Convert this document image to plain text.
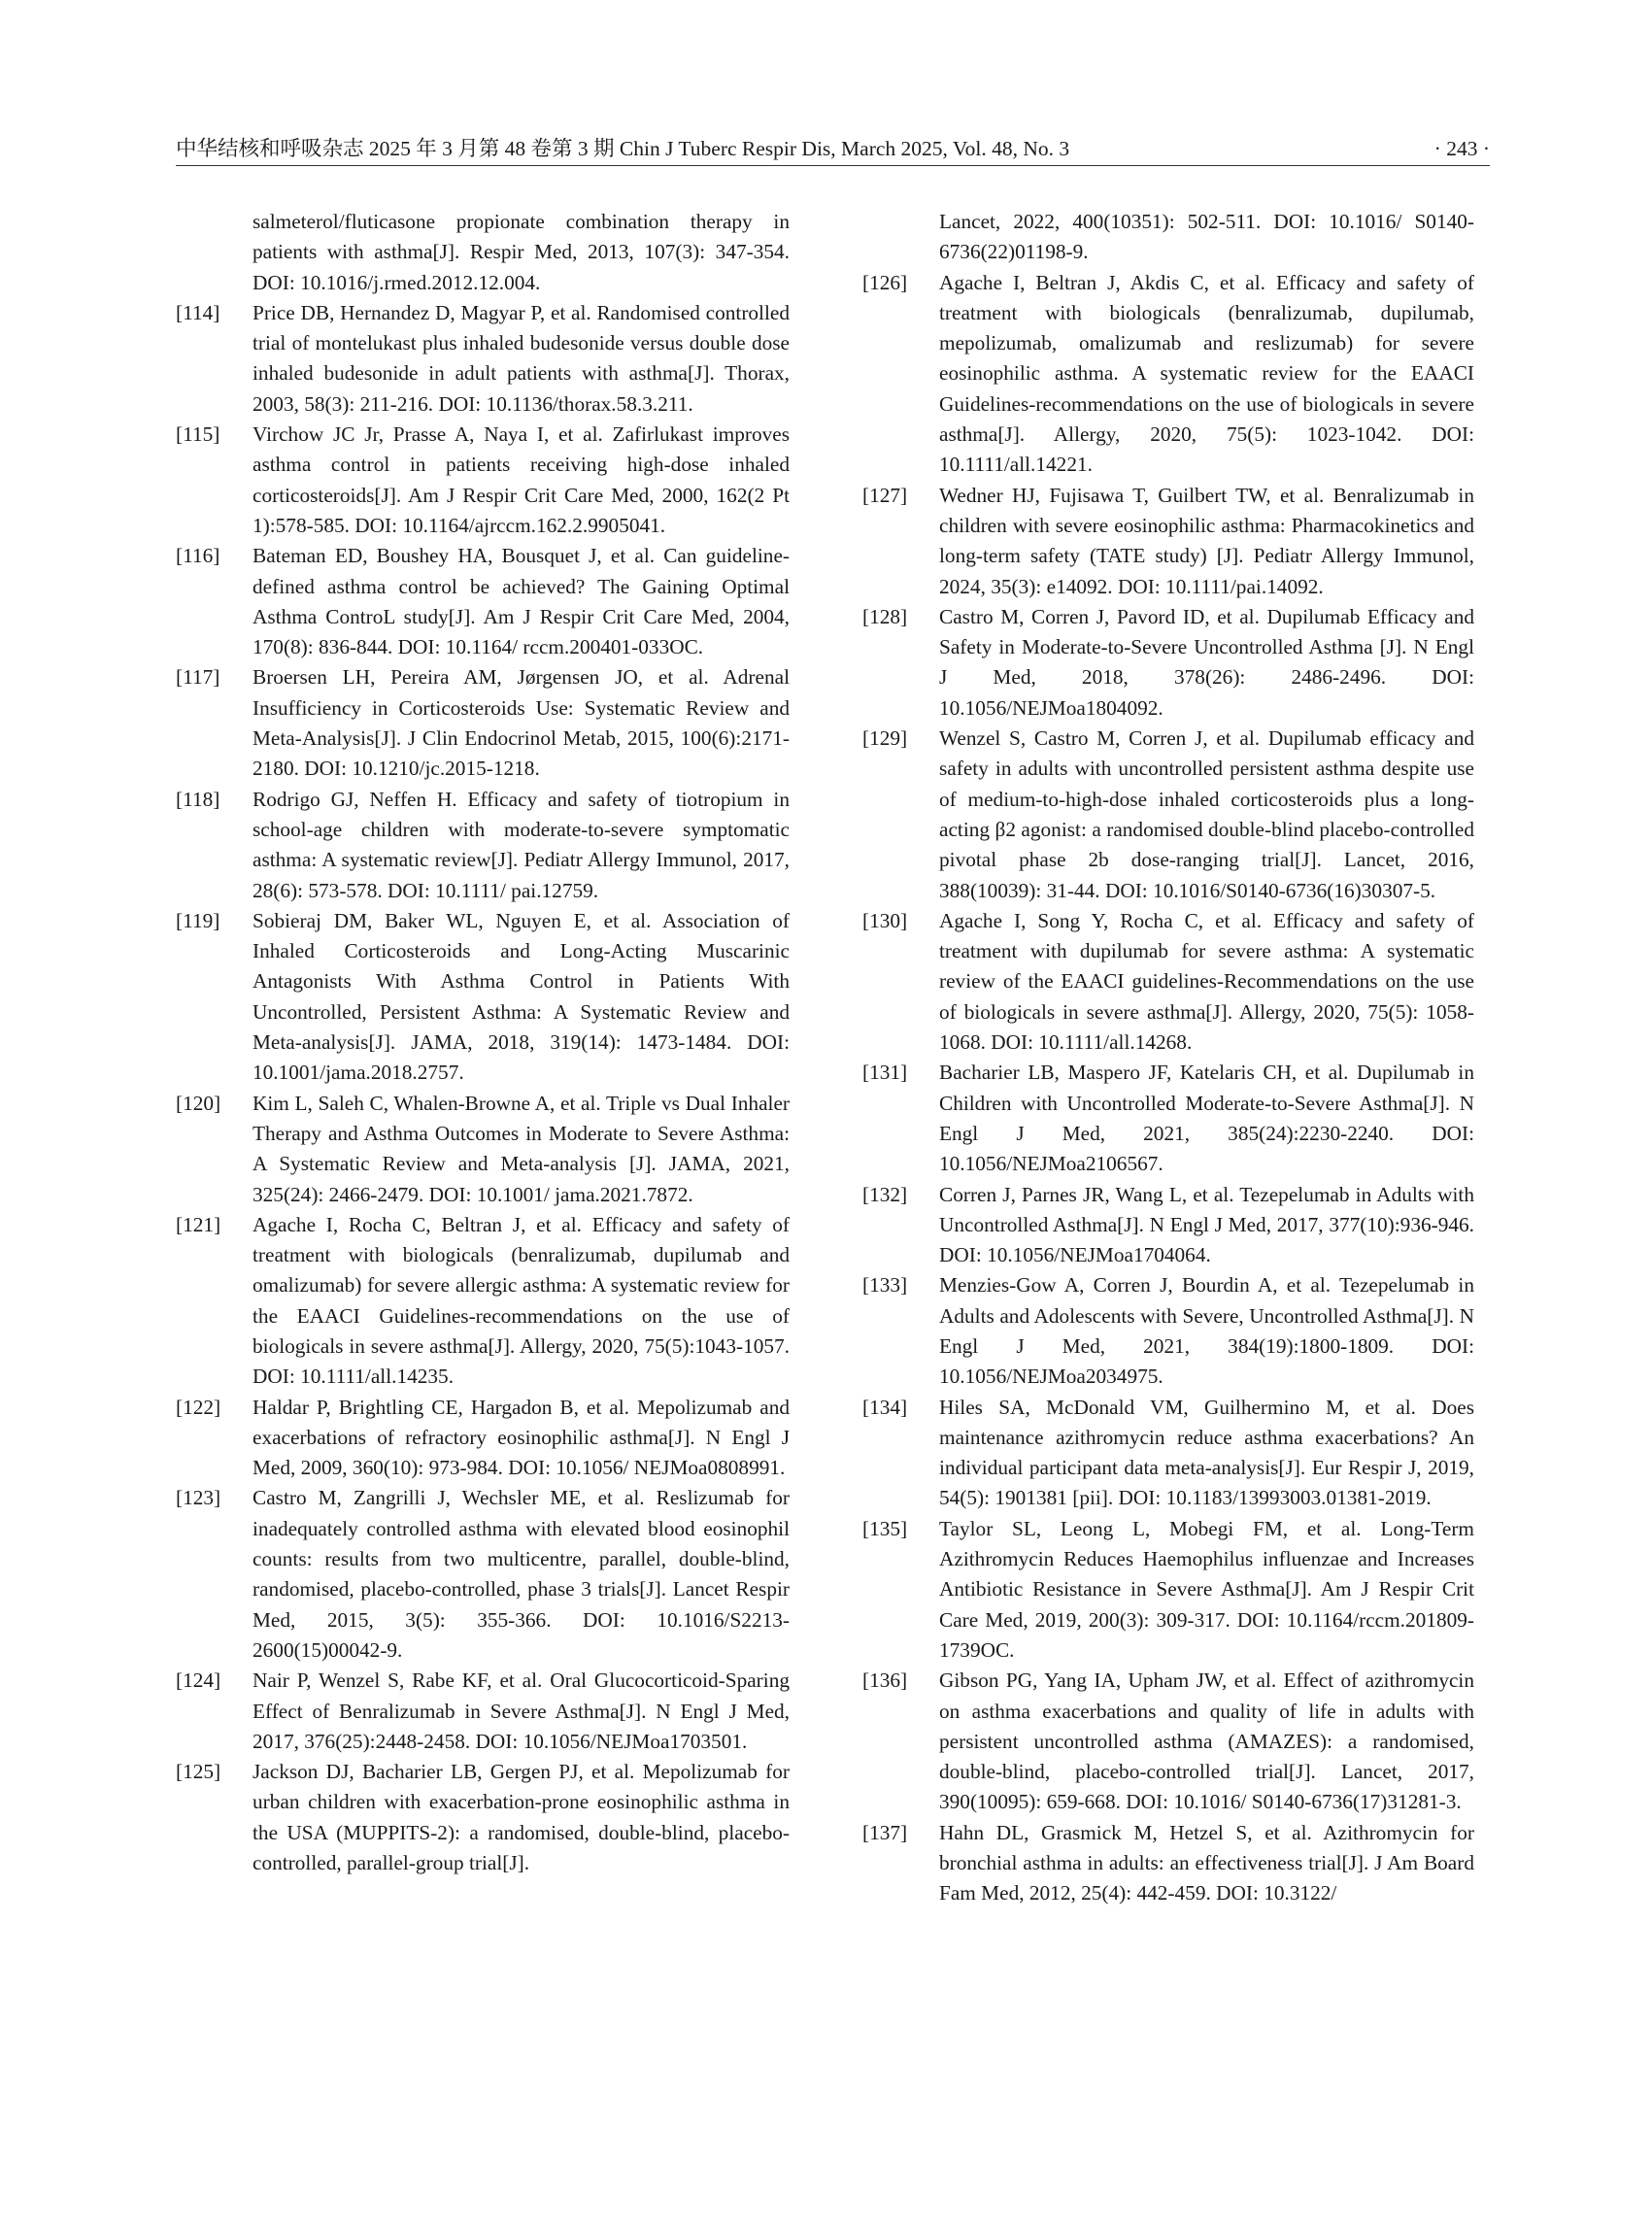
中华结核和呼吸杂志 2025 年 3 月第 48 卷第 3 期 Chin J Tuberc Respir Dis, March 2025, Vol. 48, No. 3	· 243 ·
salmeterol/fluticasone propionate combination therapy in patients with asthma[J]. Respir Med, 2013, 107(3): 347-354. DOI: 10.1016/j.rmed.2012.12.004.
[114] Price DB, Hernandez D, Magyar P, et al. Randomised controlled trial of montelukast plus inhaled budesonide versus double dose inhaled budesonide in adult patients with asthma[J]. Thorax, 2003, 58(3): 211-216. DOI: 10.1136/thorax.58.3.211.
[115] Virchow JC Jr, Prasse A, Naya I, et al. Zafirlukast improves asthma control in patients receiving high-dose inhaled corticosteroids[J]. Am J Respir Crit Care Med, 2000, 162(2 Pt 1):578-585. DOI: 10.1164/ajrccm.162.2.9905041.
[116] Bateman ED, Boushey HA, Bousquet J, et al. Can guideline-defined asthma control be achieved? The Gaining Optimal Asthma ControL study[J]. Am J Respir Crit Care Med, 2004, 170(8): 836-844. DOI: 10.1164/ rccm.200401-033OC.
[117] Broersen LH, Pereira AM, Jørgensen JO, et al. Adrenal Insufficiency in Corticosteroids Use: Systematic Review and Meta-Analysis[J]. J Clin Endocrinol Metab, 2015, 100(6):2171-2180. DOI: 10.1210/jc.2015-1218.
[118] Rodrigo GJ, Neffen H. Efficacy and safety of tiotropium in school-age children with moderate-to-severe symptomatic asthma: A systematic review[J]. Pediatr Allergy Immunol, 2017, 28(6): 573-578. DOI: 10.1111/ pai.12759.
[119] Sobieraj DM, Baker WL, Nguyen E, et al. Association of Inhaled Corticosteroids and Long-Acting Muscarinic Antagonists With Asthma Control in Patients With Uncontrolled, Persistent Asthma: A Systematic Review and Meta-analysis[J]. JAMA, 2018, 319(14): 1473-1484. DOI: 10.1001/jama.2018.2757.
[120] Kim L, Saleh C, Whalen-Browne A, et al. Triple vs Dual Inhaler Therapy and Asthma Outcomes in Moderate to Severe Asthma: A Systematic Review and Meta-analysis [J]. JAMA, 2021, 325(24): 2466-2479. DOI: 10.1001/ jama.2021.7872.
[121] Agache I, Rocha C, Beltran J, et al. Efficacy and safety of treatment with biologicals (benralizumab, dupilumab and omalizumab) for severe allergic asthma: A systematic review for the EAACI Guidelines-recommendations on the use of biologicals in severe asthma[J]. Allergy, 2020, 75(5):1043-1057. DOI: 10.1111/all.14235.
[122] Haldar P, Brightling CE, Hargadon B, et al. Mepolizumab and exacerbations of refractory eosinophilic asthma[J]. N Engl J Med, 2009, 360(10): 973-984. DOI: 10.1056/ NEJMoa0808991.
[123] Castro M, Zangrilli J, Wechsler ME, et al. Reslizumab for inadequately controlled asthma with elevated blood eosinophil counts: results from two multicentre, parallel, double-blind, randomised, placebo-controlled, phase 3 trials[J]. Lancet Respir Med, 2015, 3(5): 355-366. DOI: 10.1016/S2213-2600(15)00042-9.
[124] Nair P, Wenzel S, Rabe KF, et al. Oral Glucocorticoid-Sparing Effect of Benralizumab in Severe Asthma[J]. N Engl J Med, 2017, 376(25):2448-2458. DOI: 10.1056/NEJMoa1703501.
[125] Jackson DJ, Bacharier LB, Gergen PJ, et al. Mepolizumab for urban children with exacerbation-prone eosinophilic asthma in the USA (MUPPITS-2): a randomised, double-blind, placebo-controlled, parallel-group trial[J].
Lancet, 2022, 400(10351): 502-511. DOI: 10.1016/ S0140-6736(22)01198-9.
[126] Agache I, Beltran J, Akdis C, et al. Efficacy and safety of treatment with biologicals (benralizumab, dupilumab, mepolizumab, omalizumab and reslizumab) for severe eosinophilic asthma. A systematic review for the EAACI Guidelines-recommendations on the use of biologicals in severe asthma[J]. Allergy, 2020, 75(5): 1023-1042. DOI: 10.1111/all.14221.
[127] Wedner HJ, Fujisawa T, Guilbert TW, et al. Benralizumab in children with severe eosinophilic asthma: Pharmacokinetics and long-term safety (TATE study) [J]. Pediatr Allergy Immunol, 2024, 35(3): e14092. DOI: 10.1111/pai.14092.
[128] Castro M, Corren J, Pavord ID, et al. Dupilumab Efficacy and Safety in Moderate-to-Severe Uncontrolled Asthma [J]. N Engl J Med, 2018, 378(26): 2486-2496. DOI: 10.1056/NEJMoa1804092.
[129] Wenzel S, Castro M, Corren J, et al. Dupilumab efficacy and safety in adults with uncontrolled persistent asthma despite use of medium-to-high-dose inhaled corticosteroids plus a long-acting β2 agonist: a randomised double-blind placebo-controlled pivotal phase 2b dose-ranging trial[J]. Lancet, 2016, 388(10039): 31-44. DOI: 10.1016/S0140-6736(16)30307-5.
[130] Agache I, Song Y, Rocha C, et al. Efficacy and safety of treatment with dupilumab for severe asthma: A systematic review of the EAACI guidelines-Recommendations on the use of biologicals in severe asthma[J]. Allergy, 2020, 75(5): 1058-1068. DOI: 10.1111/all.14268.
[131] Bacharier LB, Maspero JF, Katelaris CH, et al. Dupilumab in Children with Uncontrolled Moderate-to-Severe Asthma[J]. N Engl J Med, 2021, 385(24):2230-2240. DOI: 10.1056/NEJMoa2106567.
[132] Corren J, Parnes JR, Wang L, et al. Tezepelumab in Adults with Uncontrolled Asthma[J]. N Engl J Med, 2017, 377(10):936-946. DOI: 10.1056/NEJMoa1704064.
[133] Menzies-Gow A, Corren J, Bourdin A, et al. Tezepelumab in Adults and Adolescents with Severe, Uncontrolled Asthma[J]. N Engl J Med, 2021, 384(19):1800-1809. DOI: 10.1056/NEJMoa2034975.
[134] Hiles SA, McDonald VM, Guilhermino M, et al. Does maintenance azithromycin reduce asthma exacerbations? An individual participant data meta-analysis[J]. Eur Respir J, 2019, 54(5): 1901381 [pii]. DOI: 10.1183/13993003.01381-2019.
[135] Taylor SL, Leong L, Mobegi FM, et al. Long-Term Azithromycin Reduces Haemophilus influenzae and Increases Antibiotic Resistance in Severe Asthma[J]. Am J Respir Crit Care Med, 2019, 200(3): 309-317. DOI: 10.1164/rccm.201809-1739OC.
[136] Gibson PG, Yang IA, Upham JW, et al. Effect of azithromycin on asthma exacerbations and quality of life in adults with persistent uncontrolled asthma (AMAZES): a randomised, double-blind, placebo-controlled trial[J]. Lancet, 2017, 390(10095): 659-668. DOI: 10.1016/ S0140-6736(17)31281-3.
[137] Hahn DL, Grasmick M, Hetzel S, et al. Azithromycin for bronchial asthma in adults: an effectiveness trial[J]. J Am Board Fam Med, 2012, 25(4): 442-459. DOI: 10.3122/
